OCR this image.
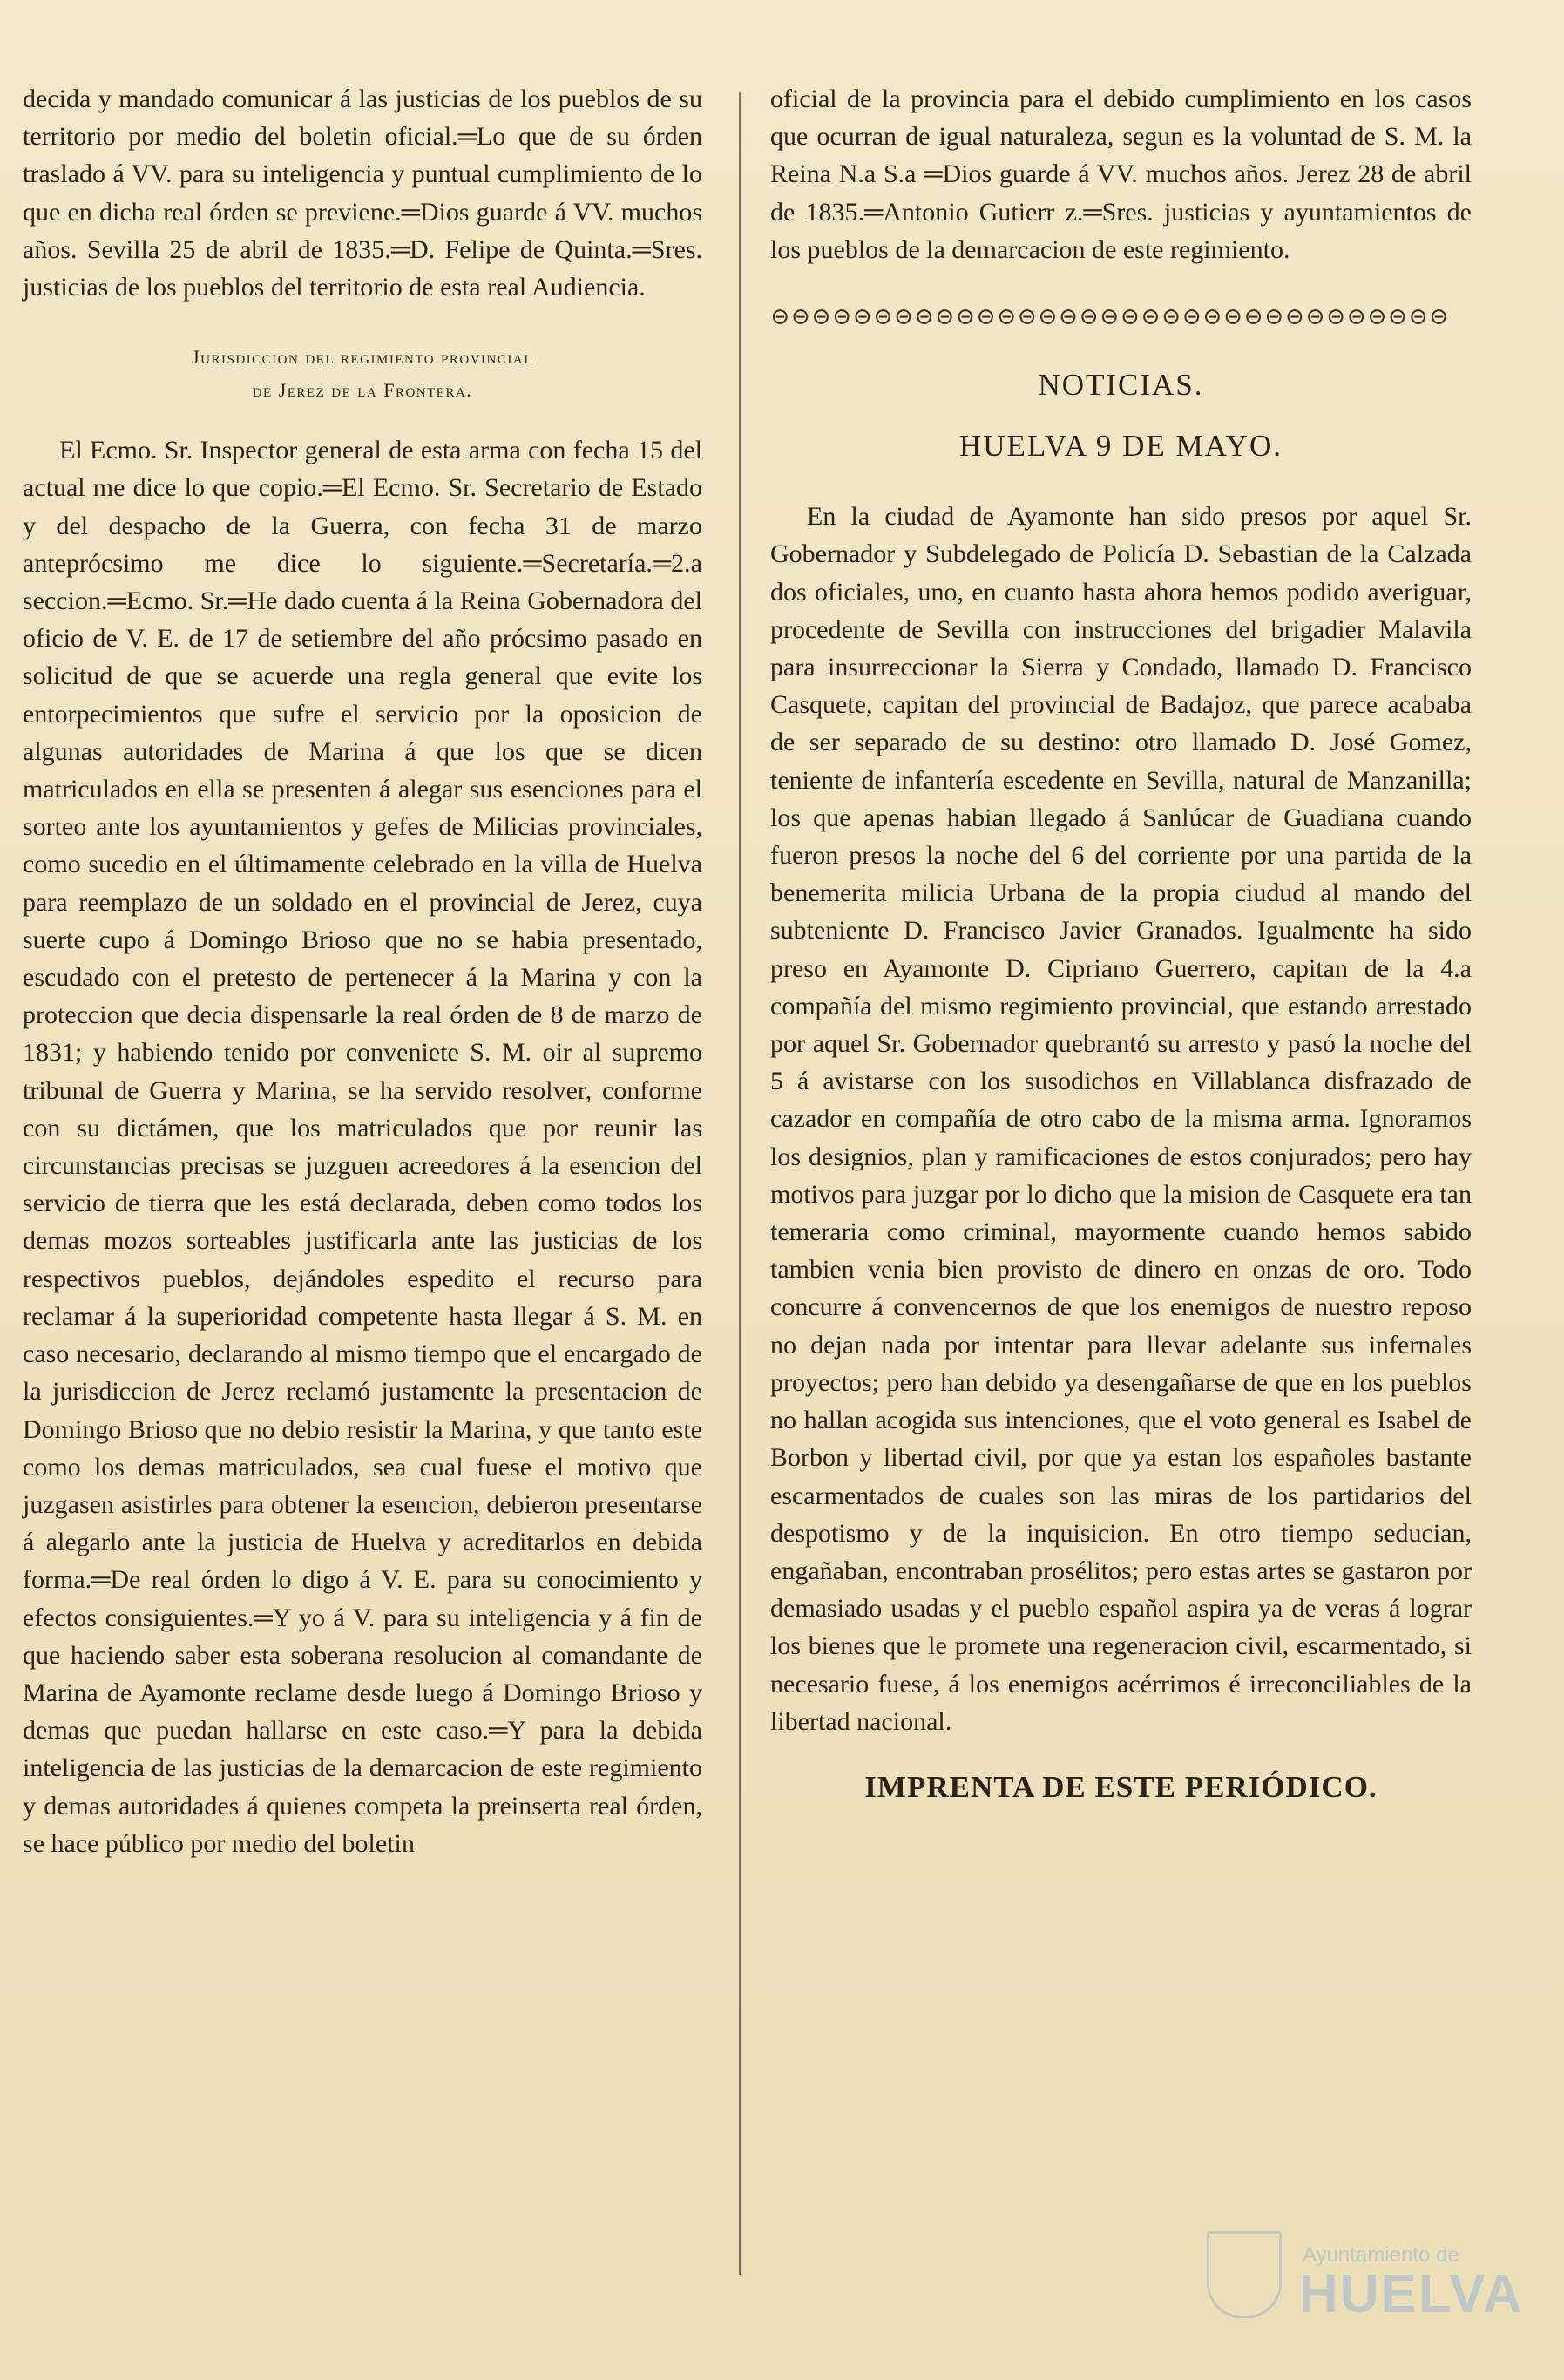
decida y mandado comunicar á las justicias de los pueblos de su territorio por medio del boletin oficial.═Lo que de su órden traslado á VV. para su inteligencia y puntual cumplimiento de lo que en dicha real órden se previene.═Dios guarde á VV. muchos años. Sevilla 25 de abril de 1835.═D. Felipe de Quinta.═Sres. justicias de los pueblos del territorio de esta real Audiencia.

Jurisdiccion del regimiento provincial
de Jerez de la Frontera.

El Ecmo. Sr. Inspector general de esta arma con fecha 15 del actual me dice lo que copio.═El Ecmo. Sr. Secretario de Estado y del despacho de la Guerra, con fecha 31 de marzo anteprócsimo me dice lo siguiente.═Secretaría.═2.a seccion.═Ecmo. Sr.═He dado cuenta á la Reina Gobernadora del oficio de V. E. de 17 de setiembre del año prócsimo pasado en solicitud de que se acuerde una regla general que evite los entorpecimientos que sufre el servicio por la oposicion de algunas autoridades de Marina á que los que se dicen matriculados en ella se presenten á alegar sus esenciones para el sorteo ante los ayuntamientos y gefes de Milicias provinciales, como sucedio en el últimamente celebrado en la villa de Huelva para reemplazo de un soldado en el provincial de Jerez, cuya suerte cupo á Domingo Brioso que no se habia presentado, escudado con el pretesto de pertenecer á la Marina y con la proteccion que decia dispensarle la real órden de 8 de marzo de 1831; y habiendo tenido por conveniete S. M. oir al supremo tribunal de Guerra y Marina, se ha servido resolver, conforme con su dictámen, que los matriculados que por reunir las circunstancias precisas se juzguen acreedores á la esencion del servicio de tierra que les está declarada, deben como todos los demas mozos sorteables justificarla ante las justicias de los respectivos pueblos, dejándoles espedito el recurso para reclamar á la superioridad competente hasta llegar á S. M. en caso necesario, declarando al mismo tiempo que el encargado de la jurisdiccion de Jerez reclamó justamente la presentacion de Domingo Brioso que no debio resistir la Marina, y que tanto este como los demas matriculados, sea cual fuese el motivo que juzgasen asistirles para obtener la esencion, debieron presentarse á alegarlo ante la justicia de Huelva y acreditarlos en debida forma.═De real órden lo digo á V. E. para su conocimiento y efectos consiguientes.═Y yo á V. para su inteligencia y á fin de que haciendo saber esta soberana resolucion al comandante de Marina de Ayamonte reclame desde luego á Domingo Brioso y demas que puedan hallarse en este caso.═Y para la debida inteligencia de las justicias de la demarcacion de este regimiento y demas autoridades á quienes competa la preinserta real órden, se hace público por medio del boletin

oficial de la provincia para el debido cumplimiento en los casos que ocurran de igual naturaleza, segun es la voluntad de S. M. la Reina N.a S.a ═Dios guarde á VV. muchos años. Jerez 28 de abril de 1835.═Antonio Gutierr z.═Sres. justicias y ayuntamientos de los pueblos de la demarcacion de este regimiento.

⊝⊝⊝⊝⊝⊝⊝⊝⊝⊝⊝⊝⊝⊝⊝⊝⊝⊝⊝⊝⊝⊝⊝⊝⊝⊝⊝⊝⊝⊝⊝⊝⊝
NOTICIAS.
HUELVA 9 DE MAYO.

En la ciudad de Ayamonte han sido presos por aquel Sr. Gobernador y Subdelegado de Policía D. Sebastian de la Calzada dos oficiales, uno, en cuanto hasta ahora hemos podido averiguar, procedente de Sevilla con instrucciones del brigadier Malavila para insurreccionar la Sierra y Condado, llamado D. Francisco Casquete, capitan del provincial de Badajoz, que parece acababa de ser separado de su destino: otro llamado D. José Gomez, teniente de infantería escedente en Sevilla, natural de Manzanilla; los que apenas habian llegado á Sanlúcar de Guadiana cuando fueron presos la noche del 6 del corriente por una partida de la benemerita milicia Urbana de la propia ciudud al mando del subteniente D. Francisco Javier Granados. Igualmente ha sido preso en Ayamonte D. Cipriano Guerrero, capitan de la 4.a compañía del mismo regimiento provincial, que estando arrestado por aquel Sr. Gobernador quebrantó su arresto y pasó la noche del 5 á avistarse con los susodichos en Villablanca disfrazado de cazador en compañía de otro cabo de la misma arma. Ignoramos los designios, plan y ramificaciones de estos conjurados; pero hay motivos para juzgar por lo dicho que la mision de Casquete era tan temeraria como criminal, mayormente cuando hemos sabido tambien venia bien provisto de dinero en onzas de oro. Todo concurre á convencernos de que los enemigos de nuestro reposo no dejan nada por intentar para llevar adelante sus infernales proyectos; pero han debido ya desengañarse de que en los pueblos no hallan acogida sus intenciones, que el voto general es Isabel de Borbon y libertad civil, por que ya estan los españoles bastante escarmentados de cuales son las miras de los partidarios del despotismo y de la inquisicion. En otro tiempo seducian, engañaban, encontraban prosélitos; pero estas artes se gastaron por demasiado usadas y el pueblo español aspira ya de veras á lograr los bienes que le promete una regeneracion civil, escarmentado, si necesario fuese, á los enemigos acérrimos é irreconciliables de la libertad nacional.

IMPRENTA DE ESTE PERIÓDICO.
Ayuntamiento de
HUELVA
